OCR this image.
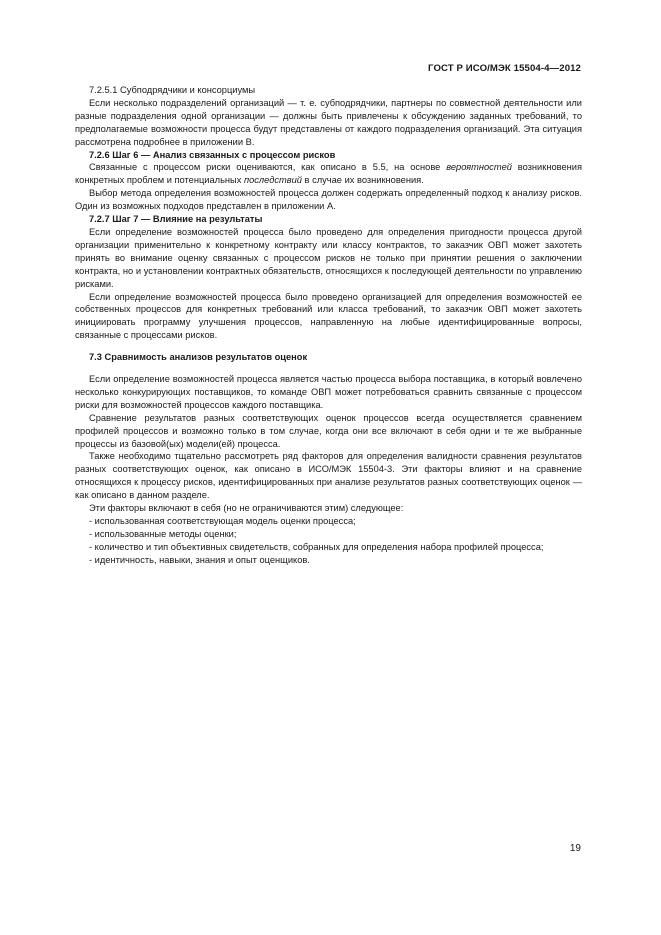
ГОСТ Р ИСО/МЭК 15504-4—2012

7.2.5.1 Субподрядчики и консорциумы

Если несколько подразделений организаций — т. е. субподрядчики, партнеры по совместной деятельности или разные подразделения одной организации — должны быть привлечены к обсуждению заданных требований, то предполагаемые возможности процесса будут представлены от каждого подразделения организаций. Эта ситуация рассмотрена подробнее в приложении В.

7.2.6 Шаг 6 — Анализ связанных с процессом рисков

Связанные с процессом риски оцениваются, как описано в 5.5, на основе вероятностей возникновения конкретных проблем и потенциальных последствий в случае их возникновения.

Выбор метода определения возможностей процесса должен содержать определенный подход к анализу рисков. Один из возможных подходов представлен в приложении А.

7.2.7 Шаг 7 — Влияние на результаты

Если определение возможностей процесса было проведено для определения пригодности процесса другой организации применительно к конкретному контракту или классу контрактов, то заказчик ОВП может захотеть принять во внимание оценку связанных с процессом рисков не только при принятии решения о заключении контракта, но и установлении контрактных обязательств, относящихся к последующей деятельности по управлению рисками.

Если определение возможностей процесса было проведено организацией для определения возможностей ее собственных процессов для конкретных требований или класса требований, то заказчик ОВП может захотеть инициировать программу улучшения процессов, направленную на любые идентифицированные вопросы, связанные с процессами рисков.

7.3 Сравнимость анализов результатов оценок

Если определение возможностей процесса является частью процесса выбора поставщика, в который вовлечено несколько конкурирующих поставщиков, то команде ОВП может потребоваться сравнить связанные с процессом риски для возможностей процессов каждого поставщика.

Сравнение результатов разных соответствующих оценок процессов всегда осуществляется сравнением профилей процессов и возможно только в том случае, когда они все включают в себя одни и те же выбранные процессы из базовой(ых) модели(ей) процесса.

Также необходимо тщательно рассмотреть ряд факторов для определения валидности сравнения результатов разных соответствующих оценок, как описано в ИСО/МЭК 15504-3. Эти факторы влияют и на сравнение относящихся к процессу рисков, идентифицированных при анализе результатов разных соответствующих оценок — как описано в данном разделе.

Эти факторы включают в себя (но не ограничиваются этим) следующее:

- использованная соответствующая модель оценки процесса;

- использованные методы оценки;

- количество и тип объективных свидетельств, собранных для определения набора профилей процесса;

- идентичность, навыки, знания и опыт оценщиков.

19
